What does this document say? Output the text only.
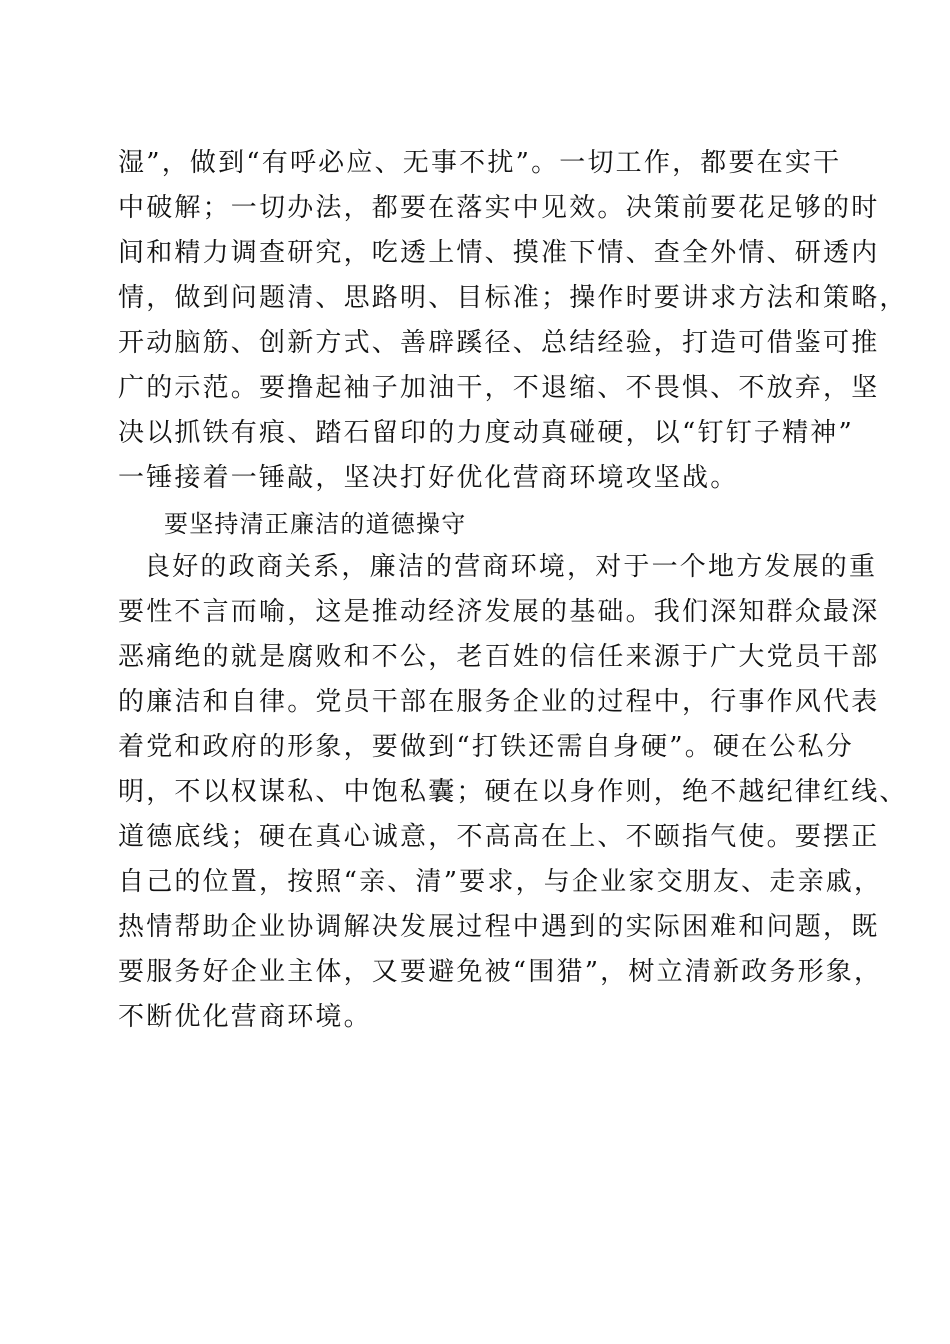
湿”，做到“有呼必应、无事不扰”。一切工作，都要在实干
中破解；一切办法，都要在落实中见效。决策前要花足够的时
间和精力调查研究，吃透上情、摸准下情、查全外情、研透内
情，做到问题清、思路明、目标准；操作时要讲求方法和策略，
开动脑筋、创新方式、善辟蹊径、总结经验，打造可借鉴可推
广的示范。要撸起袖子加油干，不退缩、不畏惧、不放弃，坚
决以抓铁有痕、踏石留印的力度动真碰硬，以“钉钉子精神”
一锤接着一锤敲，坚决打好优化营商环境攻坚战。
要坚持清正廉洁的道德操守
良好的政商关系，廉洁的营商环境，对于一个地方发展的重
要性不言而喻，这是推动经济发展的基础。我们深知群众最深
恶痛绝的就是腐败和不公，老百姓的信任来源于广大党员干部
的廉洁和自律。党员干部在服务企业的过程中，行事作风代表
着党和政府的形象，要做到“打铁还需自身硬”。硬在公私分
明，不以权谋私、中饱私囊；硬在以身作则，绝不越纪律红线、
道德底线；硬在真心诚意，不高高在上、不颐指气使。要摆正
自己的位置，按照“亲、清”要求，与企业家交朋友、走亲戚，
热情帮助企业协调解决发展过程中遇到的实际困难和问题，既
要服务好企业主体，又要避免被“围猎”，树立清新政务形象，
不断优化营商环境。
